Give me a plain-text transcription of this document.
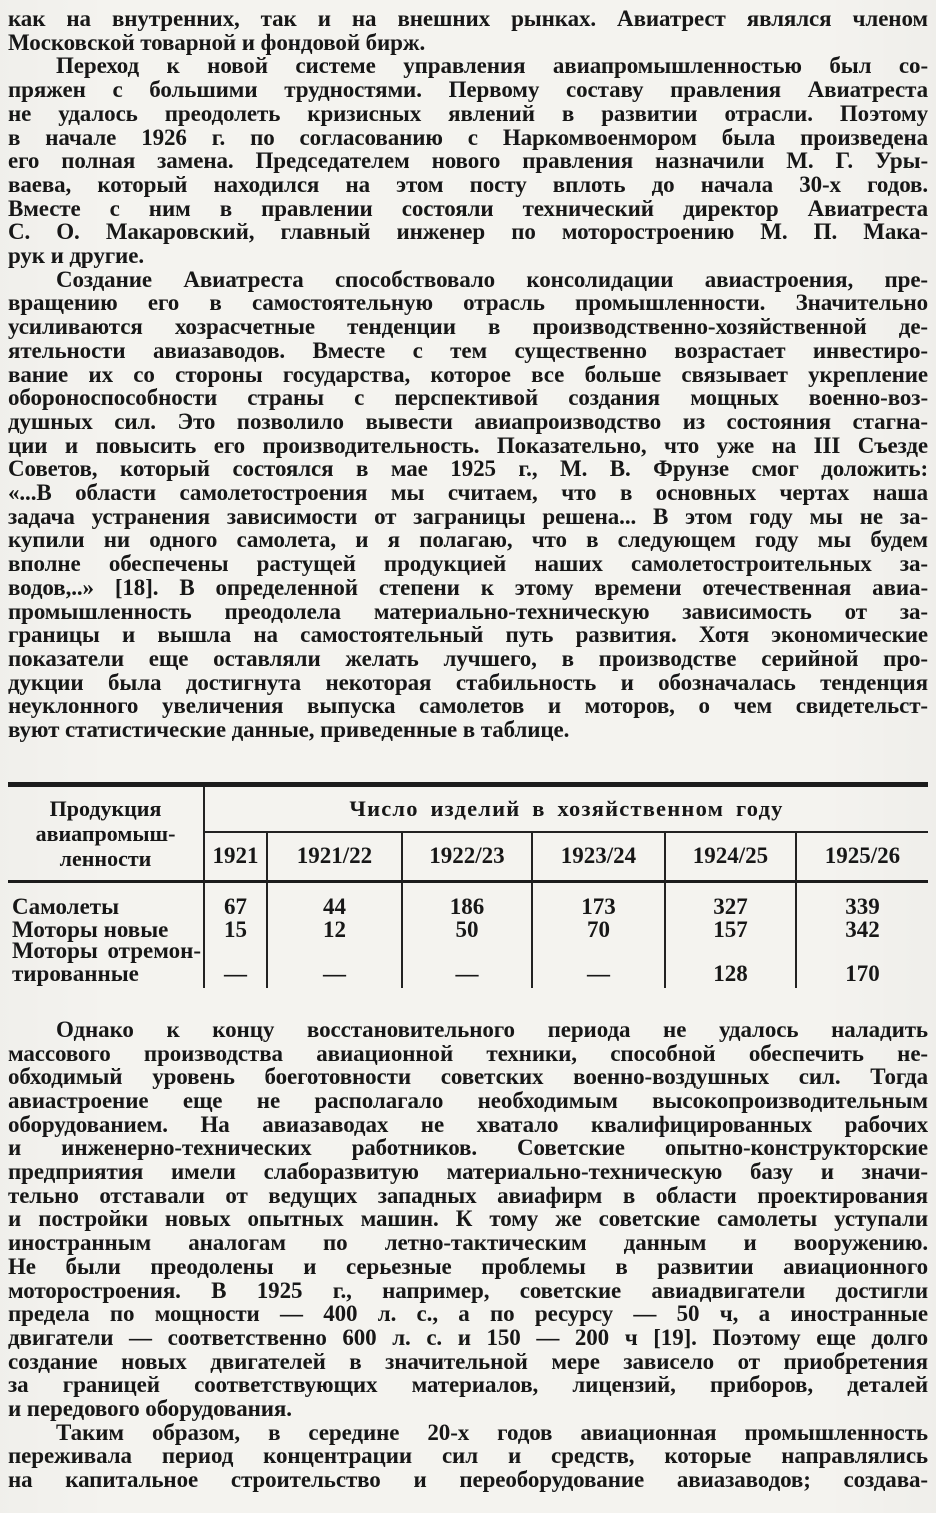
как на внутренних, так и на внешних рынках. Авиатрест являлся членом
Московской товарной и фондовой бирж.
Переход к новой системе управления авиапромышленностью был со-
пряжен с большими трудностями. Первому составу правления Авиатреста
не удалось преодолеть кризисных явлений в развитии отрасли. Поэтому
в начале 1926 г. по согласованию с Наркомвоенмором была произведена
его полная замена. Председателем нового правления назначили М. Г. Уры-
ваева, который находился на этом посту вплоть до начала 30-х годов.
Вместе с ним в правлении состояли технический директор Авиатреста
С. О. Макаровский, главный инженер по моторостроению М. П. Мака-
рук и другие.
Создание Авиатреста способствовало консолидации авиастроения, пре-
вращению его в самостоятельную отрасль промышленности. Значительно
усиливаются хозрасчетные тенденции в производственно-хозяйственной де-
ятельности авиазаводов. Вместе с тем существенно возрастает инвестиро-
вание их со стороны государства, которое все больше связывает укрепление
обороноспособности страны с перспективой создания мощных военно-воз-
душных сил. Это позволило вывести авиапроизводство из состояния стагна-
ции и повысить его производительность. Показательно, что уже на III Съезде
Советов, который состоялся в мае 1925 г., М. В. Фрунзе смог доложить:
«...В области самолетостроения мы считаем, что в основных чертах наша
задача устранения зависимости от заграницы решена... В этом году мы не за-
купили ни одного самолета, и я полагаю, что в следующем году мы будем
вполне обеспечены растущей продукцией наших самолетостроительных за-
водов,..» [18]. В определенной степени к этому времени отечественная авиа-
промышленность преодолела материально-техническую зависимость от за-
границы и вышла на самостоятельный путь развития. Хотя экономические
показатели еще оставляли желать лучшего, в производстве серийной про-
дукции была достигнута некоторая стабильность и обозначалась тенденция
неуклонного увеличения выпуска самолетов и моторов, о чем свидетельст-
вуют статистические данные, приведенные в таблице.
Продукция
авиапромыш-
ленности
Число изделий в хозяйственном году
1921	1921/22	1922/23	1923/24	1924/25	1925/26
Самолеты	67	44	186	173	327	339
Моторы новые	15	12	50	70	157	342
Моторы отремон-
тированные	—	—	—	—	128	170
Однако к концу восстановительного периода не удалось наладить
массового производства авиационной техники, способной обеспечить не-
обходимый уровень боеготовности советских военно-воздушных сил. Тогда
авиастроение еще не располагало необходимым высокопроизводительным
оборудованием. На авиазаводах не хватало квалифицированных рабочих
и инженерно-технических работников. Советские опытно-конструкторские
предприятия имели слаборазвитую материально-техническую базу и значи-
тельно отставали от ведущих западных авиафирм в области проектирования
и постройки новых опытных машин. К тому же советские самолеты уступали
иностранным аналогам по летно-тактическим данным и вооружению.
Не были преодолены и серьезные проблемы в развитии авиационного
моторостроения. В 1925 г., например, советские авиадвигатели достигли
предела по мощности — 400 л. с., а по ресурсу — 50 ч, а иностранные
двигатели — соответственно 600 л. с. и 150 — 200 ч [19]. Поэтому еще долго
создание новых двигателей в значительной мере зависело от приобретения
за границей соответствующих материалов, лицензий, приборов, деталей
и передового оборудования.
Таким образом, в середине 20-х годов авиационная промышленность
переживала период концентрации сил и средств, которые направлялись
на капитальное строительство и переоборудование авиазаводов; создава-
